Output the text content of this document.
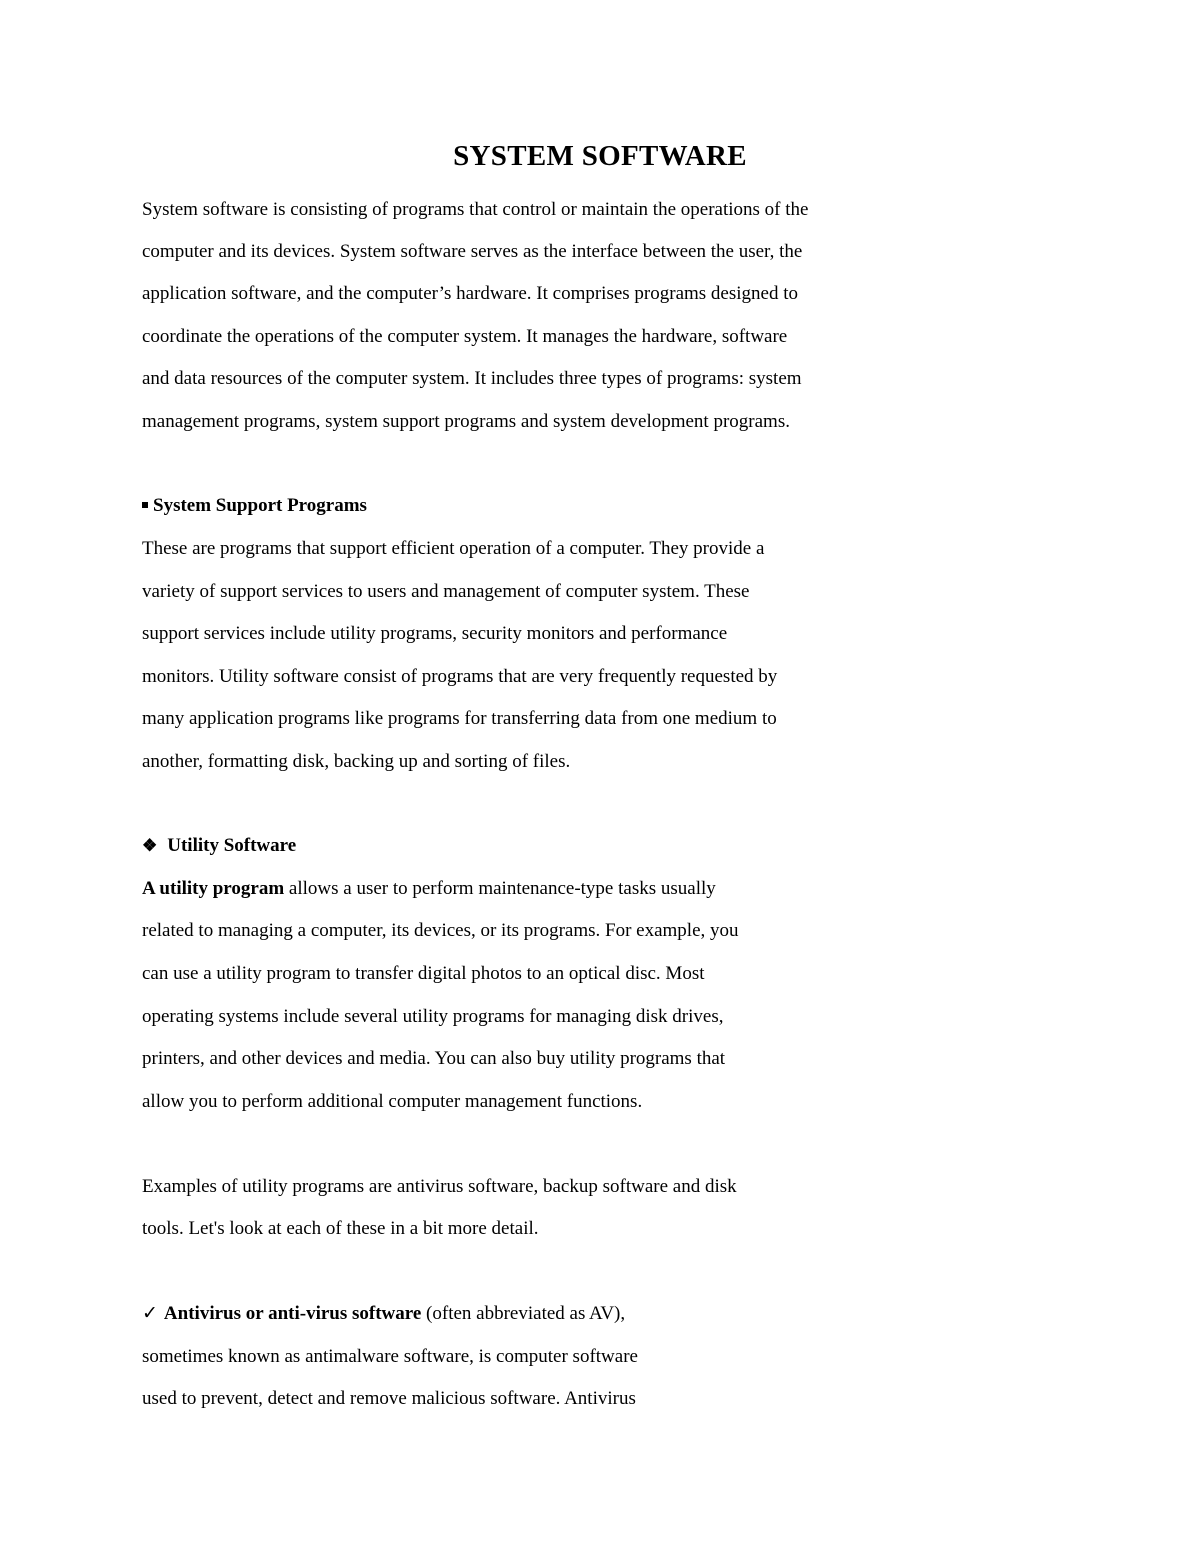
SYSTEM SOFTWARE
System software is consisting of programs that control or maintain the operations of the
computer and its devices. System software serves as the interface between the user, the
application software, and the computer’s hardware. It comprises programs designed to
coordinate the operations of the computer system. It manages the hardware, software
and data resources of the computer system. It includes three types of programs: system
management programs, system support programs and system development programs.
System Support Programs
These are programs that support efficient operation of a computer. They provide a
variety of support services to users and management of computer system. These
support services include utility programs, security monitors and performance
monitors. Utility software consist of programs that are very frequently requested by
many application programs like programs for transferring data from one medium to
another, formatting disk, backing up and sorting of files.
❖ Utility Software
A utility program allows a user to perform maintenance-type tasks usually
related to managing a computer, its devices, or its programs. For example, you
can use a utility program to transfer digital photos to an optical disc. Most
operating systems include several utility programs for managing disk drives,
printers, and other devices and media. You can also buy utility programs that
allow you to perform additional computer management functions.
Examples of utility programs are antivirus software, backup software and disk
tools. Let's look at each of these in a bit more detail.
✓ Antivirus or anti-virus software (often abbreviated as AV),
sometimes known as antimalware software, is computer software
used to prevent, detect and remove malicious software. Antivirus
